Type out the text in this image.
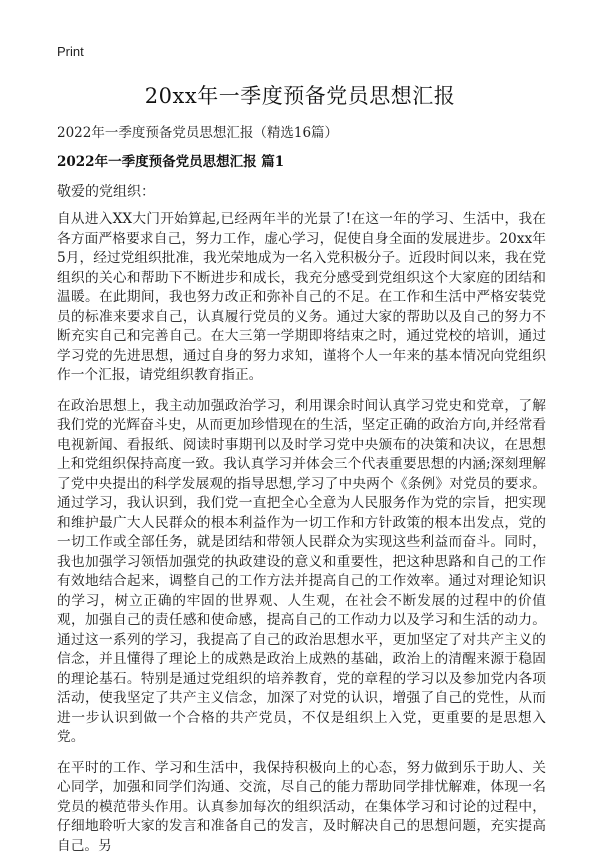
Print
20xx年一季度预备党员思想汇报
2022年一季度预备党员思想汇报（精选16篇）
2022年一季度预备党员思想汇报 篇1
敬爱的党组织：

自从进入XX大门开始算起,已经两年半的光景了!在这一年的学习、生活中，我在各方面严格要求自己，努力工作，虚心学习，促使自身全面的发展进步。20xx年5月，经过党组织批准，我光荣地成为一名入党积极分子。近段时间以来，我在党组织的关心和帮助下不断进步和成长，我充分感受到党组织这个大家庭的团结和温暖。在此期间，我也努力改正和弥补自己的不足。在工作和生活中严格安装党员的标准来要求自己，认真履行党员的义务。通过大家的帮助以及自己的努力不断充实自己和完善自己。在大三第一学期即将结束之时，通过党校的培训，通过学习党的先进思想，通过自身的努力求知，谨将个人一年来的基本情况向党组织作一个汇报，请党组织教育指正。

在政治思想上，我主动加强政治学习，利用课余时间认真学习党史和党章，了解我们党的光辉奋斗史，从而更加珍惜现在的生活，坚定正确的政治方向,并经常看电视新闻、看报纸、阅读时事期刊以及时学习党中央颁布的决策和决议，在思想上和党组织保持高度一致。我认真学习并体会三个代表重要思想的内涵;深刻理解了党中央提出的科学发展观的指导思想,学习了中央两个《条例》对党员的要求。通过学习，我认识到，我们党一直把全心全意为人民服务作为党的宗旨，把实现和维护最广大人民群众的根本利益作为一切工作和方针政策的根本出发点，党的一切工作或全部任务，就是团结和带领人民群众为实现这些利益而奋斗。同时，我也加强学习领悟加强党的执政建设的意义和重要性，把这种思路和自己的工作有效地结合起来，调整自己的工作方法并提高自己的工作效率。通过对理论知识的学习，树立正确的牢固的世界观、人生观，在社会不断发展的过程中的价值观，加强自己的责任感和使命感，提高自己的工作动力以及学习和生活的动力。通过这一系列的学习，我提高了自己的政治思想水平，更加坚定了对共产主义的信念，并且懂得了理论上的成熟是政治上成熟的基础，政治上的清醒来源于稳固的理论基石。特别是通过党组织的培养教育，党的章程的学习以及参加党内各项活动，使我坚定了共产主义信念，加深了对党的认识，增强了自己的党性，从而进一步认识到做一个合格的共产党员，不仅是组织上入党，更重要的是思想入党。

在平时的工作、学习和生活中，我保持积极向上的心态，努力做到乐于助人、关心同学，加强和同学们沟通、交流，尽自己的能力帮助同学排忧解难，体现一名党员的模范带头作用。认真参加每次的组织活动，在集体学习和讨论的过程中，仔细地聆听大家的发言和准备自己的发言，及时解决自己的思想问题，充实提高自己。另
